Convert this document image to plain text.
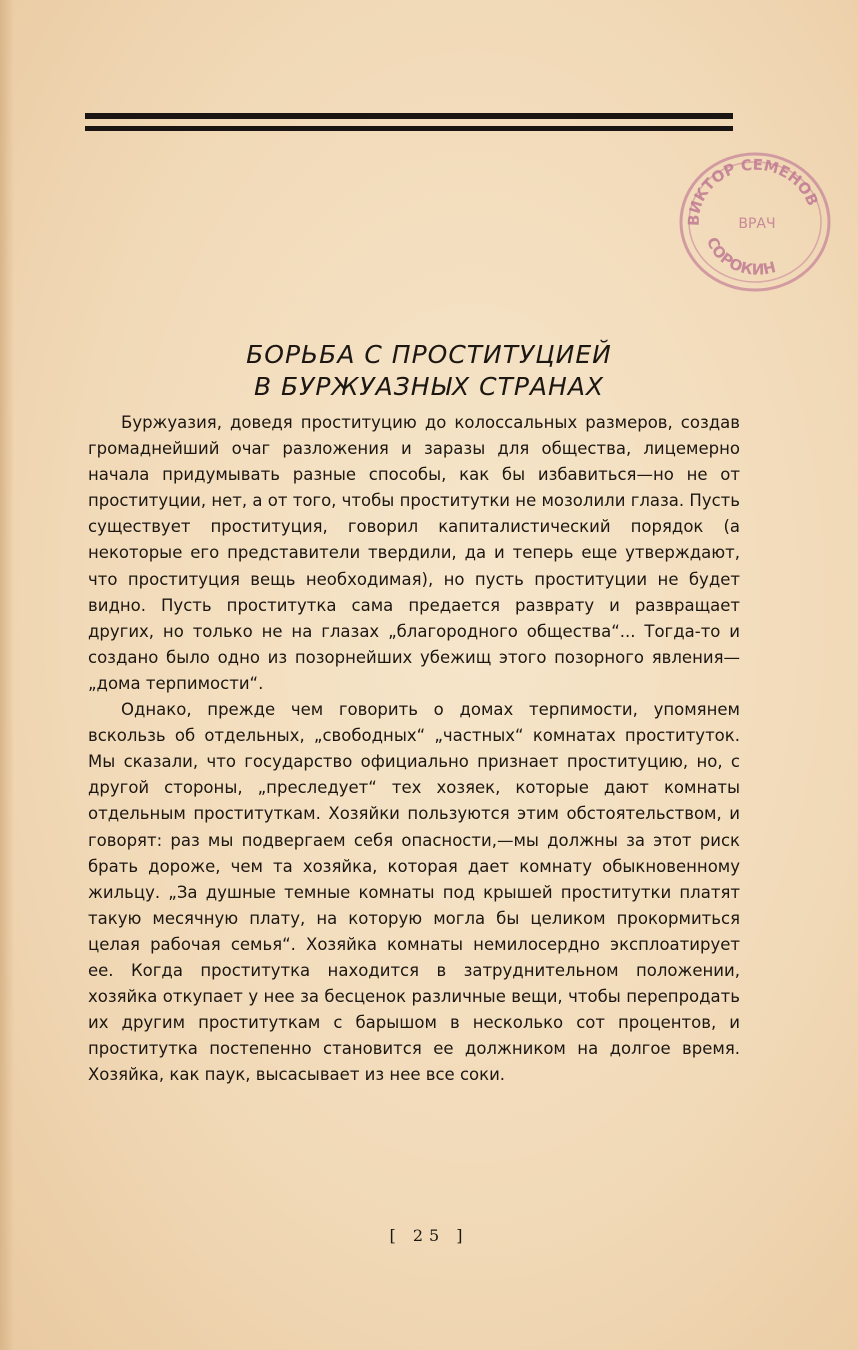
ВИКТОР СЕМЕНОВ
ВРАЧ
СОРОКИН
БОРЬБА С ПРОСТИТУЦИЕЙ
В БУРЖУАЗНЫХ СТРАНАХ

Буржуазия, доведя проституцию до колоссальных размеров, создав громаднейший очаг разложения и заразы для общества, лицемерно начала придумывать разные способы, как бы избавиться—но не от проституции, нет, а от того, чтобы проститутки не мозолили глаза. Пусть существует проституция, говорил капиталистический порядок (а некоторые его представители твердили, да и теперь еще утверждают, что проституция вещь необходимая), но пусть проституции не будет видно. Пусть проститутка сама предается разврату и развращает других, но только не на глазах „благородного общества“... Тогда-то и создано было одно из позорнейших убежищ этого позорного явления—„дома терпимости“.

Однако, прежде чем говорить о домах терпимости, упомянем вскользь об отдельных, „свободных“ „частных“ комнатах проституток. Мы сказали, что государство официально признает проституцию, но, с другой стороны, „преследует“ тех хозяек, которые дают комнаты отдельным проституткам. Хозяйки пользуются этим обстоятельством, и говорят: раз мы подвергаем себя опасности,—мы должны за этот риск брать дороже, чем та хозяйка, которая дает комнату обыкновенному жильцу. „За душные темные комнаты под крышей проститутки платят такую месячную плату, на которую могла бы целиком прокормиться целая рабочая семья“. Хозяйка комнаты немилосердно эксплоатирует ее. Когда проститутка находится в затруднительном положении, хозяйка откупает у нее за бесценок различные вещи, чтобы перепродать их другим проституткам с барышом в несколько сот процентов, и проститутка постепенно становится ее должником на долгое время. Хозяйка, как паук, высасывает из нее все соки.

[ 25 ]
